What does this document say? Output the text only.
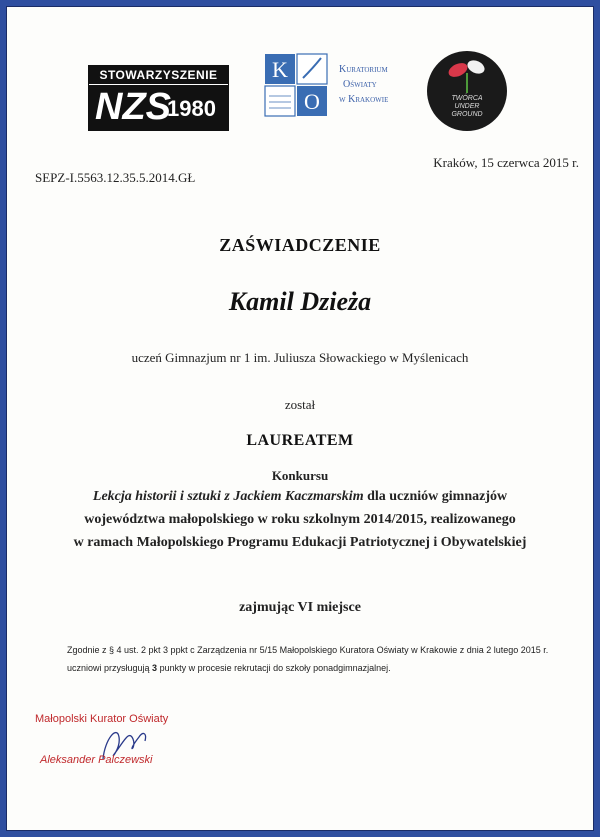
STOWARZYSZENIE
NZS
1980
K
O
Kuratorium
Oświaty
w Krakowie	TWÓRCA
UNDER
GROUND
Kraków, 15 czerwca 2015 r.
SEPZ-I.5563.12.35.5.2014.GŁ
ZAŚWIADCZENIE
Kamil Dzieża
uczeń Gimnazjum nr 1 im. Juliusza Słowackiego w Myślenicach
został
LAUREATEM
Konkursu
Lekcja historii i sztuki z Jackiem Kaczmarskim dla uczniów gimnazjów
województwa małopolskiego w roku szkolnym 2014/2015, realizowanego
w ramach Małopolskiego Programu Edukacji Patriotycznej i Obywatelskiej
zajmując VI miejsce
Zgodnie z § 4 ust. 2 pkt 3 ppkt c Zarządzenia nr 5/15 Małopolskiego Kuratora Oświaty w Krakowie z dnia 2 lutego 2015 r.
uczniowi przysługują 3 punkty w procesie rekrutacji do szkoły ponadgimnazjalnej.
Małopolski Kurator Oświaty
Aleksander Palczewski
